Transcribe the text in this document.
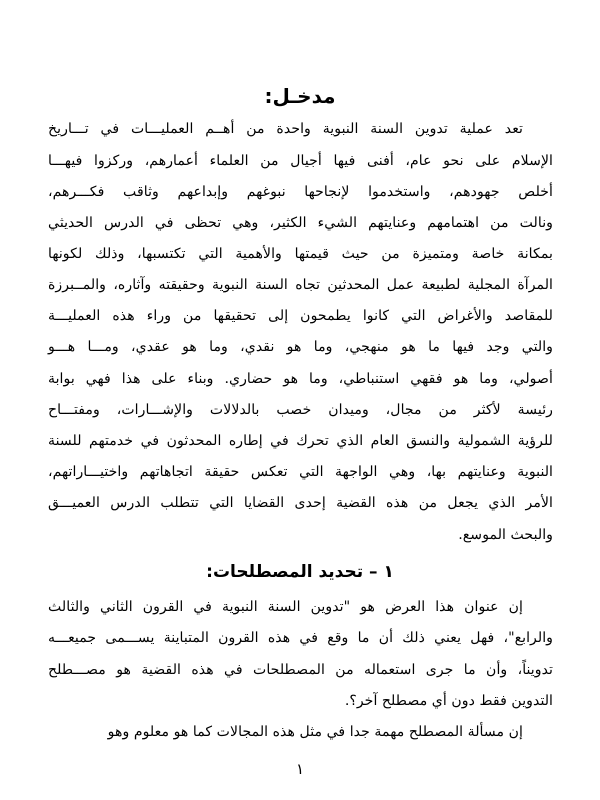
مدخـل:
تعد عملية تدوين السنة النبوية واحدة من أهــم العمليـــات في تـــاريخ
الإسلام على نحو عام، أفنى فيها أجيال من العلماء أعمارهم، وركزوا فيهـــا
أخلص جهودهم، واستخدموا لإنجاحها نبوغهم وإبداعهم وثاقب فكـــرهم،
ونالت من اهتمامهم وعنايتهم الشيء الكثير، وهي تحظى في الدرس الحديثي
بمكانة خاصة ومتميزة من حيث قيمتها والأهمية التي تكتسبها، وذلك لكونها
المرآة المجلية لطبيعة عمل المحدثين تجاه السنة النبوية وحقيقته وآثاره، والمــبرزة
للمقاصد والأغراض التي كانوا يطمحون إلى تحقيقها من وراء هذه العمليـــة
والتي وجد فيها ما هو منهجي، وما هو نقدي، وما هو عقدي، ومـــا هـــو
أصولي، وما هو فقهي استنباطي، وما هو حضاري. وبناء على هذا فهي بوابة
رئيسة لأكثر من مجال، وميدان خصب بالدلالات والإشـــارات، ومفتـــاح
للرؤية الشمولية والنسق العام الذي تحرك في إطاره المحدثون في خدمتهم للسنة
النبوية وعنايتهم بها، وهي الواجهة التي تعكس حقيقة اتجاهاتهم واختيـــاراتهم،
الأمر الذي يجعل من هذه القضية إحدى القضايا التي تتطلب الدرس العميـــق
والبحث الموسع.
١ – تحديد المصطلحات:
إن عنوان هذا العرض هو "تدوين السنة النبوية في القرون الثاني والثالث
والرابع"، فهل يعني ذلك أن ما وقع في هذه القرون المتباينة يســـمى جميعـــه
تدويناً، وأن ما جرى استعماله من المصطلحات في هذه القضية هو مصـــطلح
التدوين فقط دون أي مصطلح آخر؟.
إن مسألة المصطلح مهمة جدا في مثل هذه المجالات كما هو معلوم وهو
١
